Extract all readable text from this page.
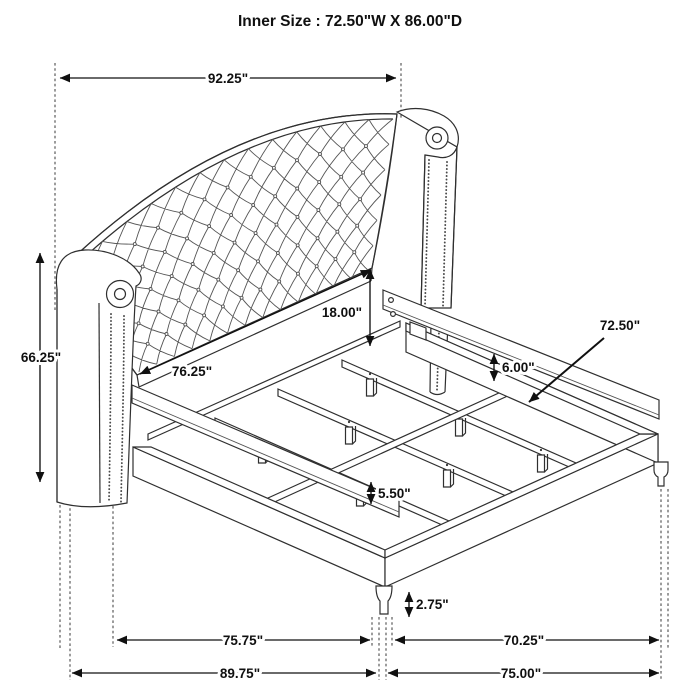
Inner Size : 72.50"W X 86.00"D
92.25"
66.25"
18.00"
76.25"
72.50"
6.00"
5.50"
2.75"
75.75"	70.25"
89.75"	75.00"
